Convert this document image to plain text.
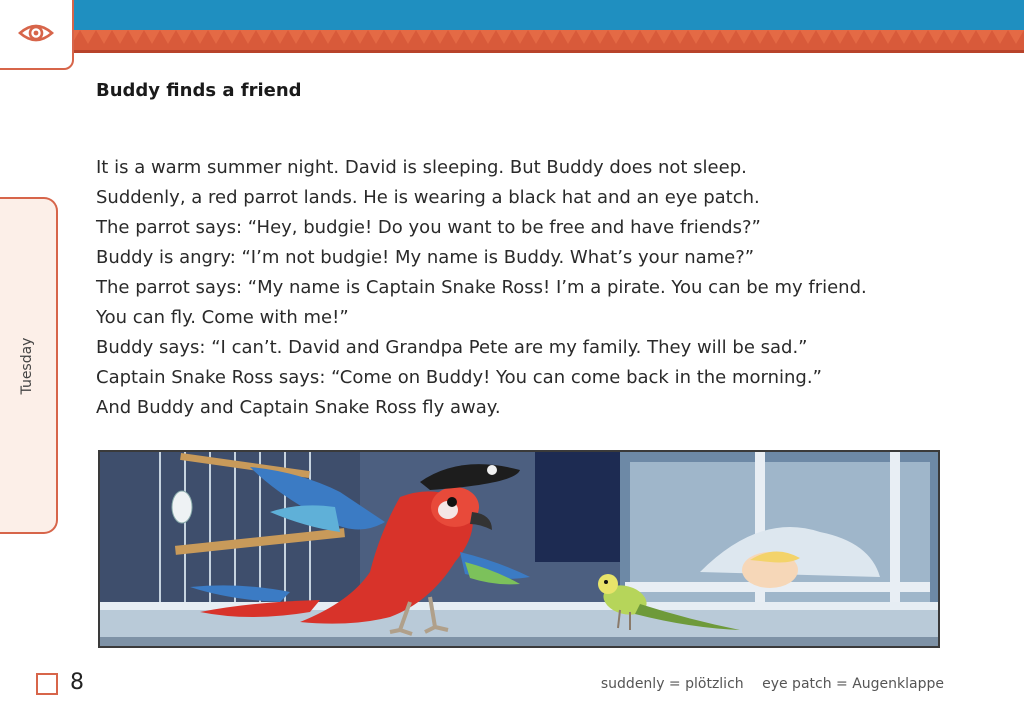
Tuesday
Buddy finds a friend
It is a warm summer night. David is sleeping. But Buddy does not sleep.
Suddenly, a red parrot lands. He is wearing a black hat and an eye patch.
The parrot says: “Hey, budgie! Do you want to be free and have friends?”
Buddy is angry: “I’m not budgie! My name is Buddy. What’s your name?”
The parrot says: “My name is Captain Snake Ross! I’m a pirate. You can be my friend.
You can fly. Come with me!”
Buddy says: “I can’t. David and Grandpa Pete are my family. They will be sad.”
Captain Snake Ross says: “Come on Buddy! You can come back in the morning.”
And Buddy and Captain Snake Ross fly away.
8	suddenly = plötzlich eye patch = Augenklappe
